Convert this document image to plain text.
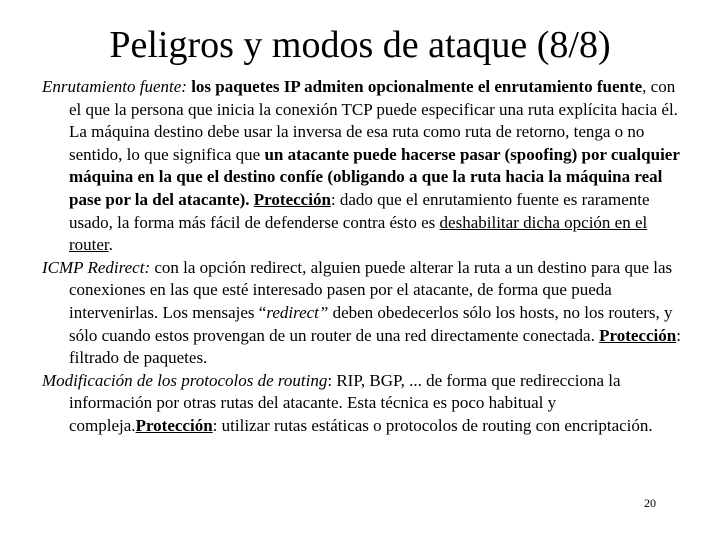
Peligros y modos de ataque (8/8)

Enrutamiento fuente: los paquetes IP admiten opcionalmente el enrutamiento fuente, con el que la persona que inicia la conexión TCP puede especificar una ruta explícita hacia él. La máquina destino debe usar la inversa de esa ruta como ruta de retorno, tenga o no sentido, lo que significa que un atacante puede hacerse pasar (spoofing) por cualquier máquina en la que el destino confíe (obligando a que la ruta hacia la máquina real pase por la del atacante). Protección: dado que el enrutamiento fuente es raramente usado, la forma más fácil de defenderse contra ésto es deshabilitar dicha opción en el router.

ICMP Redirect: con la opción redirect, alguien puede alterar la ruta a un destino para que las conexiones en las que esté interesado pasen por el atacante, de forma que pueda intervenirlas. Los mensajes “redirect” deben obedecerlos sólo los hosts, no los routers, y sólo cuando estos provengan de un router de una red directamente conectada. Protección: filtrado de paquetes.

Modificación de los protocolos de routing: RIP, BGP, ... de forma que redirecciona la información por otras rutas del atacante. Esta técnica es poco habitual y compleja.Protección: utilizar rutas estáticas o protocolos de routing con encriptación.

20
